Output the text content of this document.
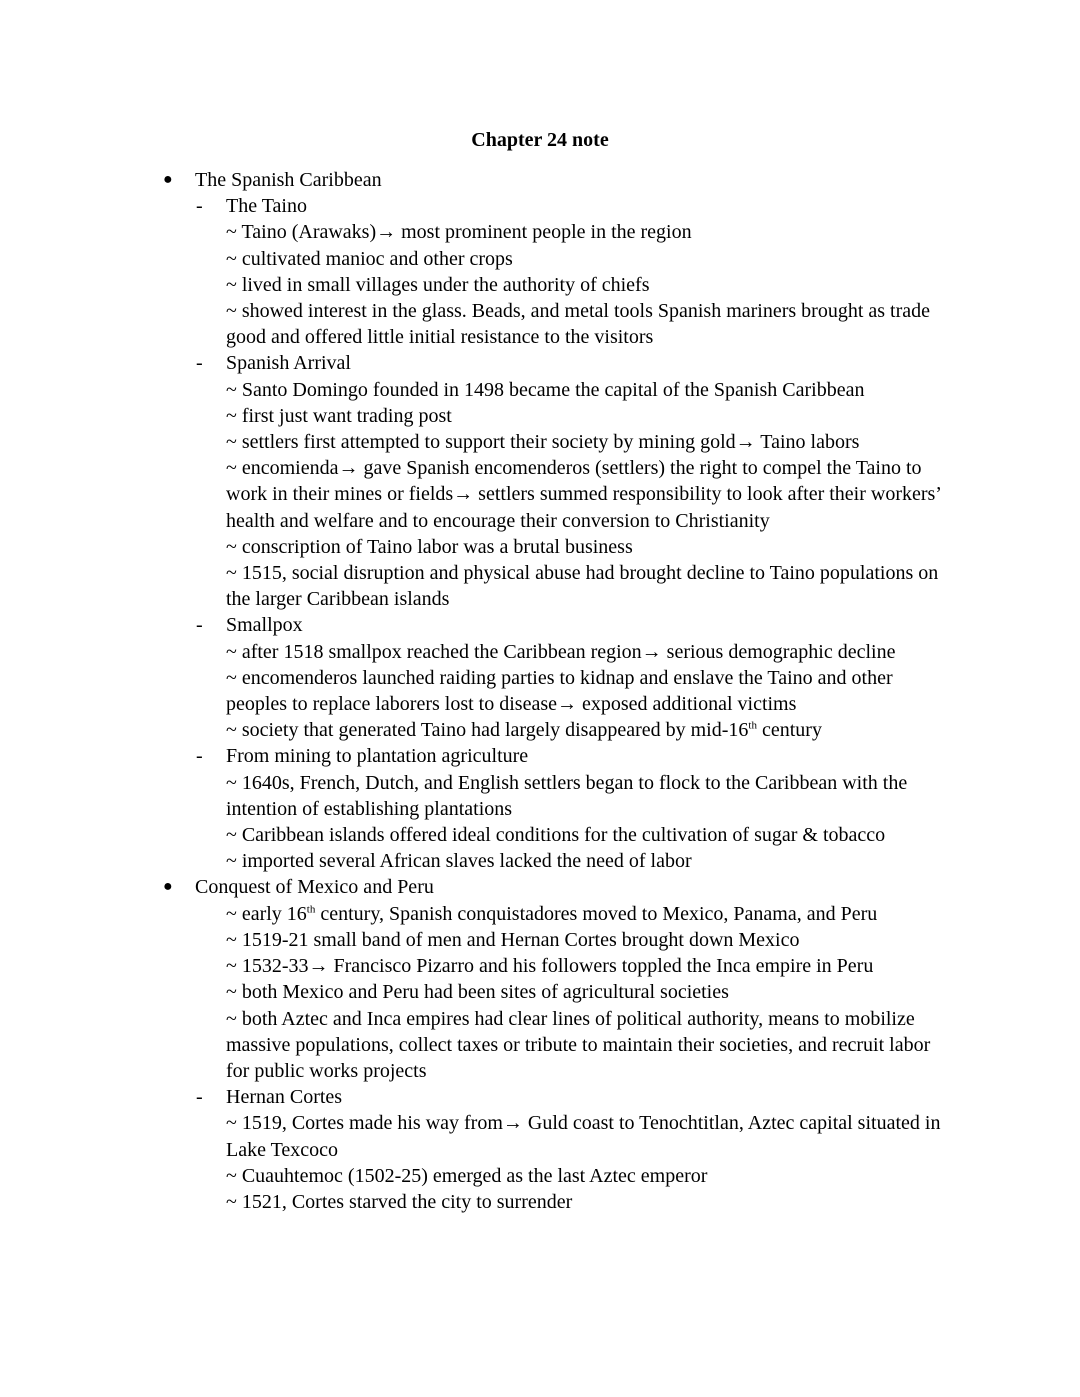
Chapter 24 note
● The Spanish Caribbean
- The Taino
~ Taino (Arawaks)→ most prominent people in the region
~ cultivated manioc and other crops
~ lived in small villages under the authority of chiefs
~ showed interest in the glass. Beads, and metal tools Spanish mariners brought as trade good and offered little initial resistance to the visitors
- Spanish Arrival
~ Santo Domingo founded in 1498 became the capital of the Spanish Caribbean
~ first just want trading post
~ settlers first attempted to support their society by mining gold→ Taino labors
~ encomienda→ gave Spanish encomenderos (settlers) the right to compel the Taino to work in their mines or fields→ settlers summed responsibility to look after their workers’ health and welfare and to encourage their conversion to Christianity
~ conscription of Taino labor was a brutal business
~ 1515, social disruption and physical abuse had brought decline to Taino populations on the larger Caribbean islands
- Smallpox
~ after 1518 smallpox reached the Caribbean region→ serious demographic decline
~ encomenderos launched raiding parties to kidnap and enslave the Taino and other peoples to replace laborers lost to disease→ exposed additional victims
~ society that generated Taino had largely disappeared by mid-16th century
- From mining to plantation agriculture
~ 1640s, French, Dutch, and English settlers began to flock to the Caribbean with the intention of establishing plantations
~ Caribbean islands offered ideal conditions for the cultivation of sugar & tobacco
~ imported several African slaves lacked the need of labor
● Conquest of Mexico and Peru
~ early 16th century, Spanish conquistadores moved to Mexico, Panama, and Peru
~ 1519-21 small band of men and Hernan Cortes brought down Mexico
~ 1532-33→ Francisco Pizarro and his followers toppled the Inca empire in Peru
~ both Mexico and Peru had been sites of agricultural societies
~ both Aztec and Inca empires had clear lines of political authority, means to mobilize massive populations, collect taxes or tribute to maintain their societies, and recruit labor for public works projects
- Hernan Cortes
~ 1519, Cortes made his way from→ Guld coast to Tenochtitlan, Aztec capital situated in Lake Texcoco
~ Cuauhtemoc (1502-25) emerged as the last Aztec emperor
~ 1521, Cortes starved the city to surrender
